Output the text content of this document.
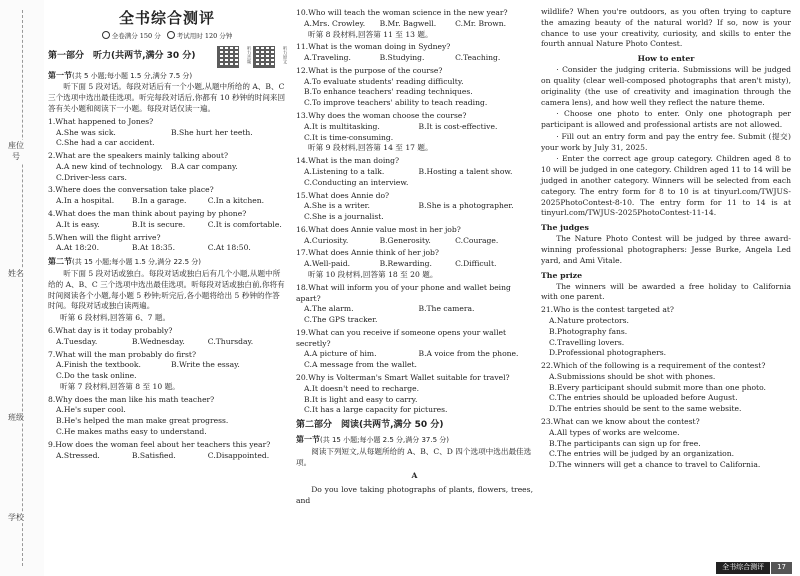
座位号
姓名
班级
学校
全书综合测评
全卷满分 150 分	考试用时 120 分钟
第一部分　听力(共两节,满分 30 分)	听力音频	听力原文
第一节(共 5 小题;每小题 1.5 分,满分 7.5 分)
听下面 5 段对话。每段对话后有一个小题,从题中所给的 A、B、C 三个选项中选出最佳选项。听完每段对话后,你都有 10 秒钟的时间来回答有关小题和阅读下一小题。每段对话仅读一遍。
1.What happened to Jones?
A.She was sick.	B.She hurt her teeth.
C.She had a car accident.
2.What are the speakers mainly talking about?
A.A new kind of technology.	B.A car company.
C.Driver-less cars.
3.Where does the conversation take place?
A.In a hospital.	B.In a garage.	C.In a kitchen.
4.What does the man think about paying by phone?
A.It is easy.	B.It is secure.	C.It is comfortable.
5.When will the flight arrive?
A.At 18:20.	B.At 18:35.	C.At 18:50.
第二节(共 15 小题;每小题 1.5 分,满分 22.5 分)
听下面 5 段对话或独白。每段对话或独白后有几个小题,从题中所给的 A、B、C 三个选项中选出最佳选项。听每段对话或独白前,你将有时间阅读各个小题,每小题 5 秒钟;听完后,各小题将给出 5 秒钟的作答时间。每段对话或独白读两遍。
听第 6 段材料,回答第 6、7 题。
6.What day is it today probably?
A.Tuesday.	B.Wednesday.	C.Thursday.
7.What will the man probably do first?
A.Finish the textbook.	B.Write the essay.
C.Do the task online.
听第 7 段材料,回答第 8 至 10 题。
8.Why does the man like his math teacher?
A.He's super cool.
B.He's helped the man make great progress.
C.He makes maths easy to understand.
9.How does the woman feel about her teachers this year?
A.Stressed.	B.Satisfied.	C.Disappointed.
10.Who will teach the woman science in the new year?
A.Mrs. Crowley.	B.Mr. Bagwell.	C.Mr. Brown.
听第 8 段材料,回答第 11 至 13 题。
11.What is the woman doing in Sydney?
A.Traveling.	B.Studying.	C.Teaching.
12.What is the purpose of the course?
A.To evaluate students' reading difficulty.
B.To enhance teachers' reading techniques.
C.To improve teachers' ability to teach reading.
13.Why does the woman choose the course?
A.It is multitasking.	B.It is cost-effective.
C.It is time-consuming.
听第 9 段材料,回答第 14 至 17 题。
14.What is the man doing?
A.Listening to a talk.	B.Hosting a talent show.
C.Conducting an interview.
15.What does Annie do?
A.She is a writer.	B.She is a photographer.
C.She is a journalist.
16.What does Annie value most in her job?
A.Curiosity.	B.Generosity.	C.Courage.
17.What does Annie think of her job?
A.Well-paid.	B.Rewarding.	C.Difficult.
听第 10 段材料,回答第 18 至 20 题。
18.What will inform you of your phone and wallet being apart?
A.The alarm.	B.The camera.
C.The GPS tracker.
19.What can you receive if someone opens your wallet secretly?
A.A picture of him.	B.A voice from the phone.
C.A message from the wallet.
20.Why is Volterman's Smart Wallet suitable for travel?
A.It doesn't need to recharge.
B.It is light and easy to carry.
C.It has a large capacity for pictures.
第二部分　阅读(共两节,满分 50 分)
第一节(共 15 小题;每小题 2.5 分,满分 37.5 分)
阅读下列短文,从每题所给的 A、B、C、D 四个选项中选出最佳选项。
A
Do you love taking photographs of plants, flowers, trees, and
wildlife? When you're outdoors, as you often trying to capture the amazing beauty of the natural world? If so, now is your chance to use your creativity, curiosity, and skills to enter the fourth annual Nature Photo Contest.
How to enter
· Consider the judging criteria. Submissions will be judged on quality (clear well-composed photographs that aren't misty), originality (the use of creativity and imagination through the camera lens), and how well they reflect the nature theme.
· Choose one photo to enter. Only one photograph per participant is allowed and professional artists are not allowed.
· Fill out an entry form and pay the entry fee. Submit (提交) your work by July 31, 2025.
· Enter the correct age group category. Children aged 8 to 10 will be judged in one category. Children aged 11 to 14 will be judged in another category. Winners will be selected from each category. The entry form for 8 to 10 is at tinyurl.com/TWJUS-2025PhotoContest-8-10. The entry form for 11 to 14 is at tinyurl.com/TWJUS-2025PhotoContest-11-14.
The judges
The Nature Photo Contest will be judged by three award-winning professional photographers: Jesse Burke, Angela Led yard, and Ami Vitale.
The prize
The winners will be awarded a free holiday to California with one parent.
21.Who is the contest targeted at?
A.Nature protectors.
B.Photography fans.
C.Travelling lovers.
D.Professional photographers.
22.Which of the following is a requirement of the contest?
A.Submissions should be shot with phones.
B.Every participant should submit more than one photo.
C.The entries should be uploaded before August.
D.The entries should be sent to the same website.
23.What can we know about the contest?
A.All types of works are welcome.
B.The participants can sign up for free.
C.The entries will be judged by an organization.
D.The winners will get a chance to travel to California.
全书综合测评	17
